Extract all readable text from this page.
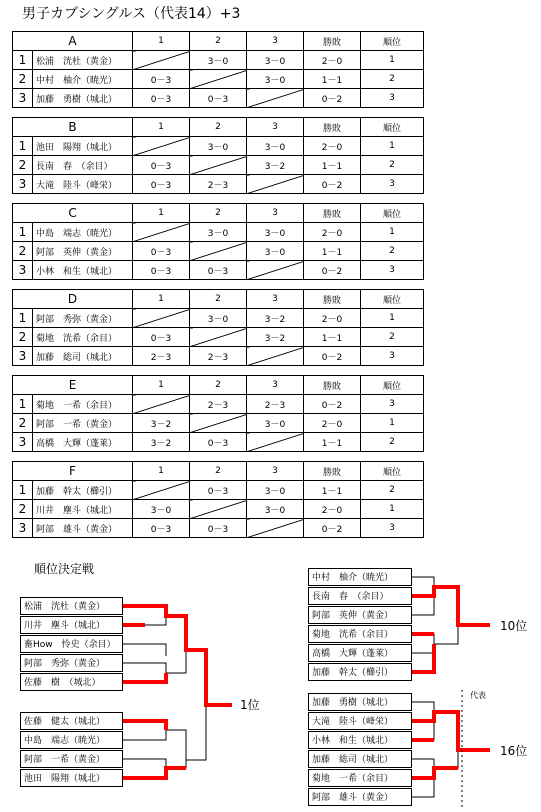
男子カブシングルス（代表14）+3
A		1	2	3	勝敗	順位
1	松浦　洸杜（黄金）		3－0	3－0	2－0	1
2	中村　柚介（暁光）	0－3		3－0	1－1	2
3	加藤　勇樹（城北）	0－3	0－3		0－2	3
B		1	2	3	勝敗	順位
1	池田　陽翔（城北）		3－0	3－0	2－0	1
2	長南　春　（余目）	0－3		3－2	1－1	2
3	大滝　陸斗（峰栄）	0－3	2－3		0－2	3
C		1	2	3	勝敗	順位
1	中島　端志（暁光）		3－0	3－0	2－0	1
2	阿部　英伸（黄金）	0－3		3－0	1－1	2
3	小林　和生（城北）	0－3	0－3		0－2	3
D		1	2	3	勝敗	順位
1	阿部　秀弥（黄金）		3－0	3－2	2－0	1
2	菊地　洸希（余目）	0－3		3－2	1－1	2
3	加藤　総司（城北）	2－3	2－3		0－2	3
E		1	2	3	勝敗	順位
1	菊地　一希（余目）		2－3	2－3	0－2	3
2	阿部　一希（黄金）	3－2		3－0	2－0	1
3	高橋　大輝（蓬莱）	3－2	0－3		1－1	2
F		1	2	3	勝敗	順位
1	加藤　幹太（櫛引）		0－3	3－0	1－1	2
2	川井　塵斗（城北）	3－0		3－0	2－0	1
3	阿部　雄斗（黄金）	0－3	0－3		0－2	3
順位決定戦
松浦　洸杜（黄金）
川井　塵斗（城北）
畜How　怜史（余目）
阿部　秀弥（黄金）
佐藤　樹　（城北）
佐藤　健太（城北）
中島　端志（暁光）
阿部　一希（黄金）
池田　陽翔（城北）
中村　柚介（暁光）
長南　春　（余目）
阿部　英伸（黄金）
菊地　洸希（余目）
高橋　大輝（蓬莱）
加藤　幹太（櫛引）
加藤　勇樹（城北）
大滝　陸斗（峰栄）
小林　和生（城北）
加藤　総司（城北）
菊地　一希（余目）
阿部　雄斗（黄金）
1位
10位
16位
代表
